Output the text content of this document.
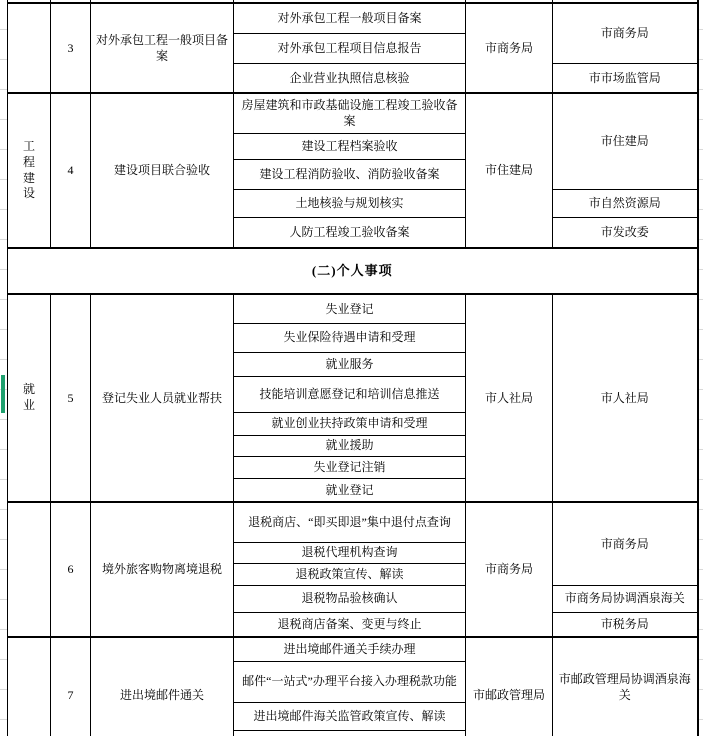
	3	对外承包工程一般项目备案	对外承包工程一般项目备案	市商务局	市商务局
			对外承包工程项目信息报告		
			企业营业执照信息核验		市市场监管局
工程建设	4	建设项目联合验收	房屋建筑和市政基础设施工程竣工验收备案	市住建局	市住建局
			建设工程档案验收		
			建设工程消防验收、消防验收备案		
			土地核验与规划核实		市自然资源局
			人防工程竣工验收备案		市发改委
(二)个人事项					
就业	5	登记失业人员就业帮扶	失业登记	市人社局	市人社局
			失业保险待遇申请和受理		
			就业服务		
			技能培训意愿登记和培训信息推送		
			就业创业扶持政策申请和受理		
			就业援助		
			失业登记注销		
			就业登记		
	6	境外旅客购物离境退税	退税商店、“即买即退”集中退付点查询	市商务局	市商务局
			退税代理机构查询		
			退税政策宣传、解读		
			退税物品验核确认		市商务局协调酒泉海关
			退税商店备案、变更与终止		市税务局
	7	进出境邮件通关	进出境邮件通关手续办理	市邮政管理局	市邮政管理局协调酒泉海关
			邮件“一站式”办理平台接入办理税款功能		
			进出境邮件海关监管政策宣传、解读		
